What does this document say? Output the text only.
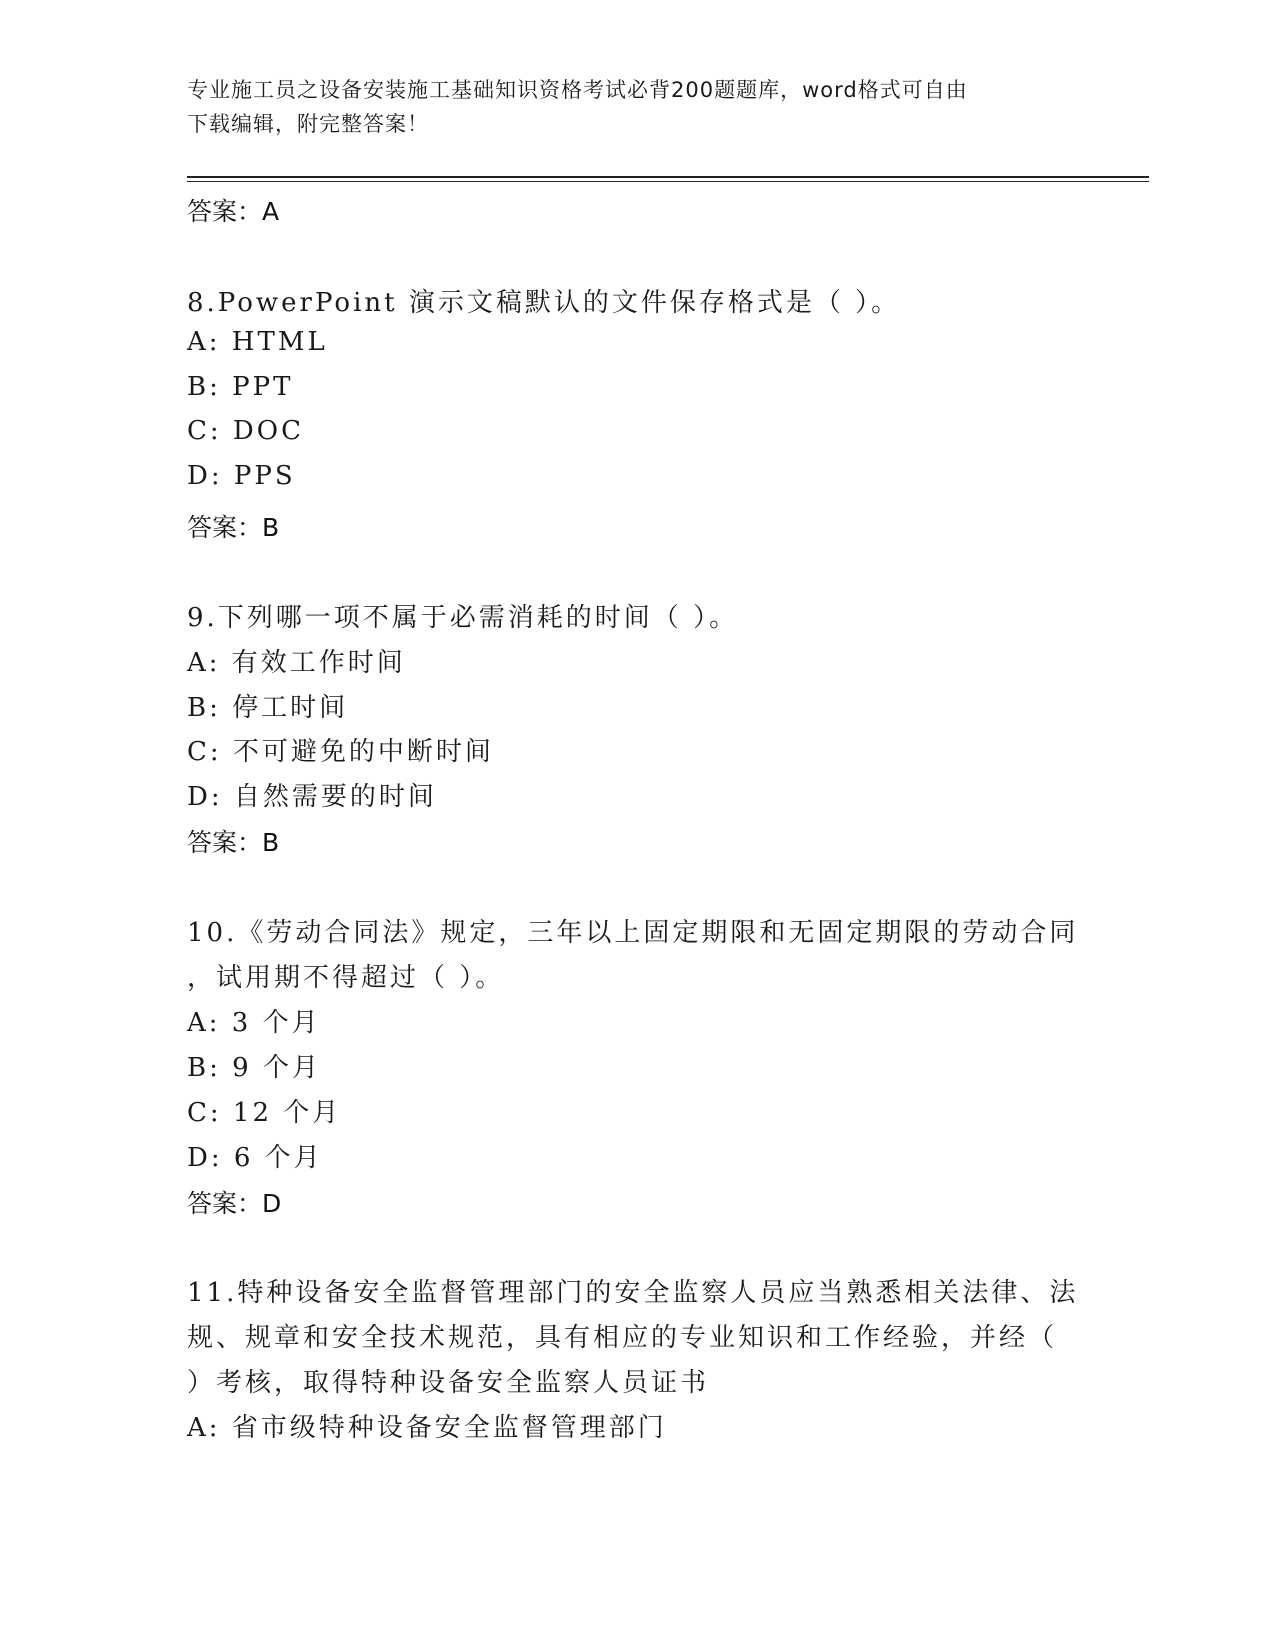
专业施工员之设备安装施工基础知识资格考试必背200题题库，word格式可自由
下载编辑，附完整答案！
答案：A
8.PowerPoint 演示文稿默认的文件保存格式是（ ）。
A: HTML
B: PPT
C: DOC
D: PPS
答案：B
9.下列哪一项不属于必需消耗的时间（ ）。
A: 有效工作时间
B: 停工时间
C: 不可避免的中断时间
D: 自然需要的时间
答案：B
10.《劳动合同法》规定，三年以上固定期限和无固定期限的劳动合同
，试用期不得超过（ ）。
A: 3 个月
B: 9 个月
C: 12 个月
D: 6 个月
答案：D
11.特种设备安全监督管理部门的安全监察人员应当熟悉相关法律、法
规、规章和安全技术规范，具有相应的专业知识和工作经验，并经（
）考核，取得特种设备安全监察人员证书
A: 省市级特种设备安全监督管理部门
